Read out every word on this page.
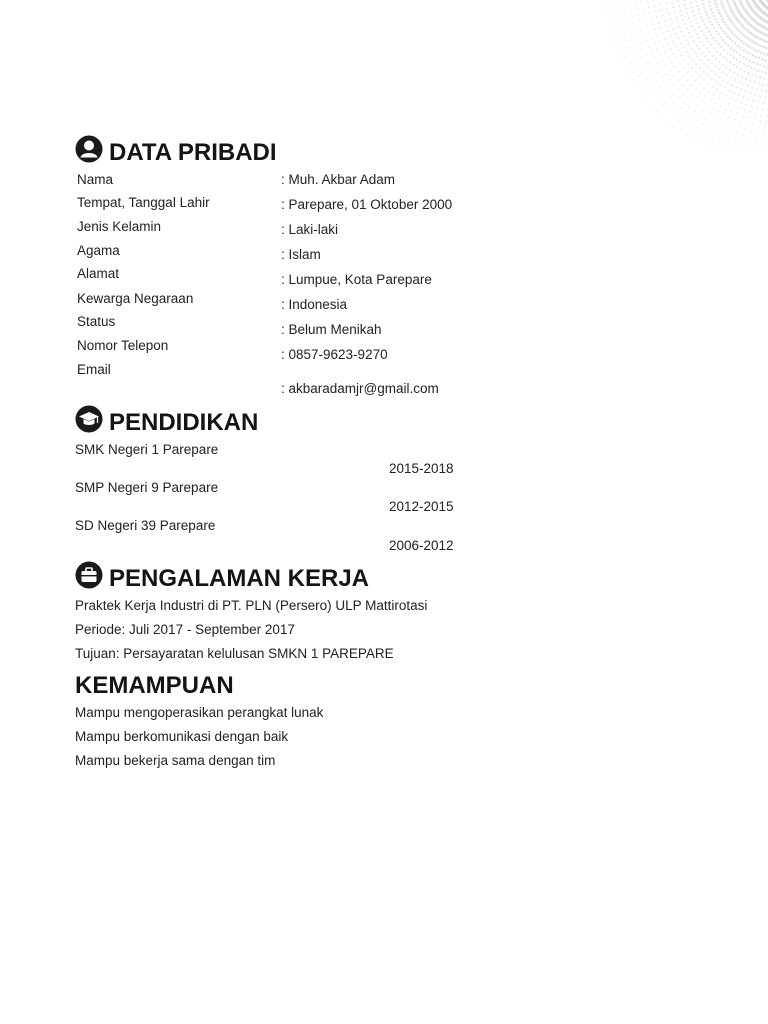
DATA PRIBADI
Nama
Tempat, Tanggal Lahir
Jenis Kelamin
Agama
Alamat
Kewarga Negaraan
Status
Nomor Telepon
Email
: Muh. Akbar Adam
: Parepare, 01 Oktober 2000
: Laki-laki
: Islam
: Lumpue, Kota Parepare
: Indonesia
: Belum Menikah
: 0857-9623-9270
: akbaradamjr@gmail.com
PENDIDIKAN
SMK Negeri 1 Parepare
2015-2018
SMP Negeri 9 Parepare
2012-2015
SD Negeri 39 Parepare
2006-2012
PENGALAMAN KERJA
Praktek Kerja Industri di PT. PLN (Persero) ULP Mattirotasi
Periode: Juli 2017 - September 2017
Tujuan: Persayaratan kelulusan SMKN 1 PAREPARE
KEMAMPUAN
Mampu mengoperasikan perangkat lunak
Mampu berkomunikasi dengan baik
Mampu bekerja sama dengan tim
